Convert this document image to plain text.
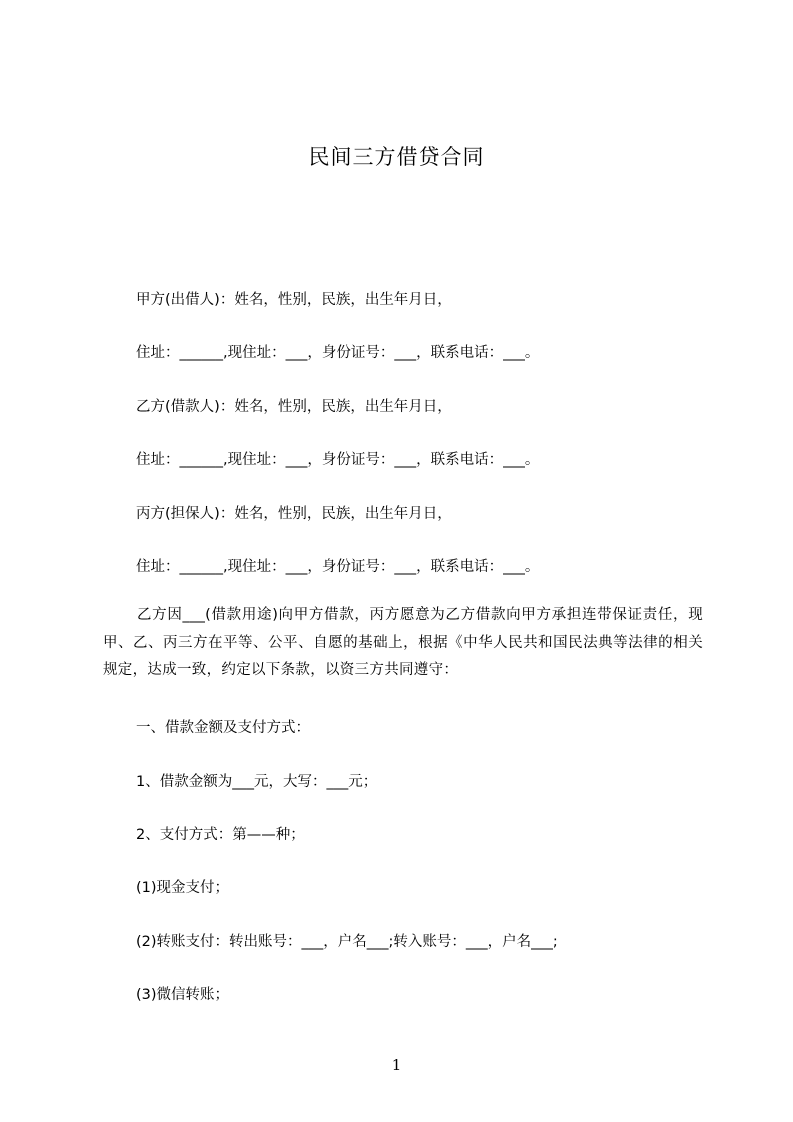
民间三方借贷合同
甲方(出借人)：姓名，性别，民族，出生年月日，
住址：______,现住址：___，身份证号：___，联系电话：___。
乙方(借款人)：姓名，性别，民族，出生年月日，
住址：______,现住址：___，身份证号：___，联系电话：___。
丙方(担保人)：姓名，性别，民族，出生年月日，
住址：______,现住址：___，身份证号：___，联系电话：___。
乙方因___(借款用途)向甲方借款，丙方愿意为乙方借款向甲方承担连带保证责任，现甲、乙、丙三方在平等、公平、自愿的基础上，根据《中华人民共和国民法典等法律的相关规定，达成一致，约定以下条款，以资三方共同遵守：
一、借款金额及支付方式：
1、借款金额为___元，大写：___元；
2、支付方式：第——种；
(1)现金支付；
(2)转账支付：转出账号：___，户名___;转入账号：___，户名___;
(3)微信转账；
1
